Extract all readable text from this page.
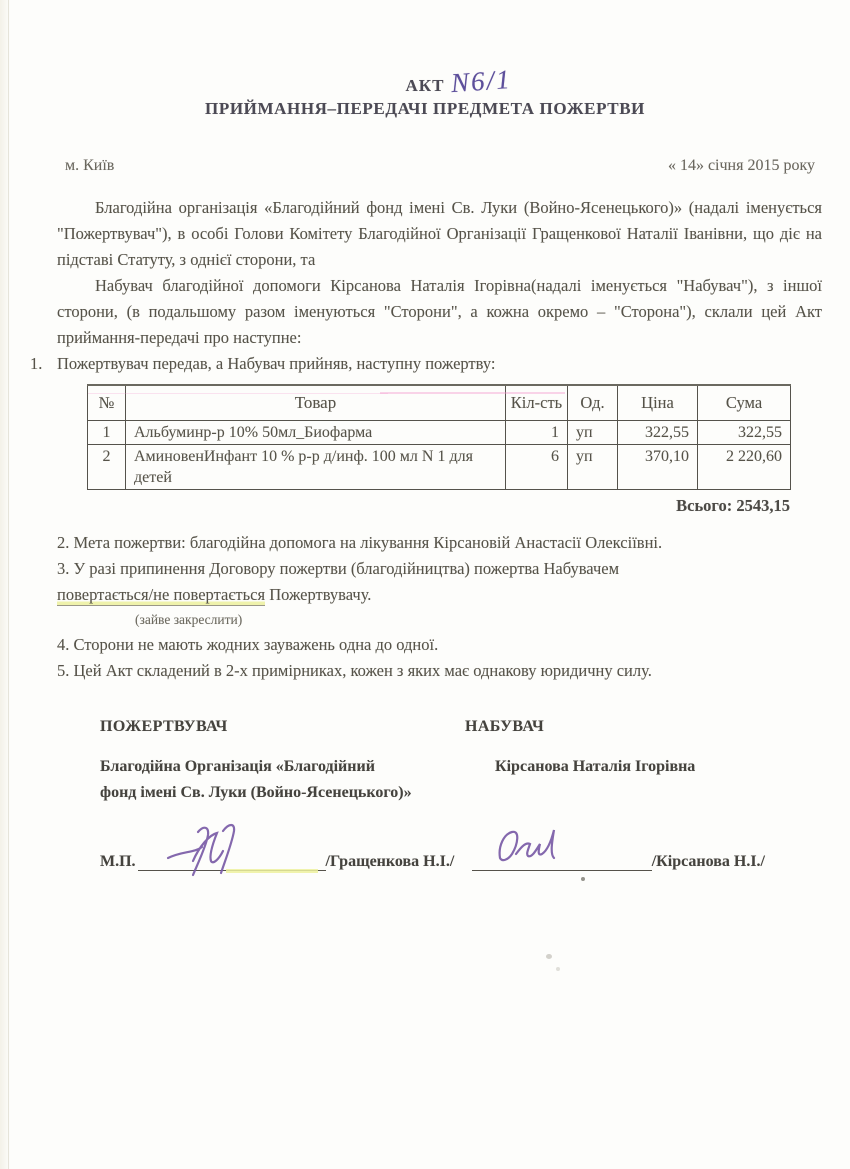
АКТ N6/1
ПРИЙМАННЯ–ПЕРЕДАЧІ ПРЕДМЕТА ПОЖЕРТВИ
м. Київ	« 14» січня 2015 року

Благодійна організація «Благодійний фонд імені Св. Луки (Войно-Ясенецького)» (надалі іменується "Пожертвувач"), в особі Голови Комітету Благодійної Організації Гращенкової Наталії Іванівни, що діє на підставі Статуту, з однієї сторони, та

Набувач благодійної допомоги Кірсанова Наталія Ігорівна(надалі іменується "Набувач"), з іншої сторони, (в подальшому разом іменуються "Сторони", а кожна окремо – "Сторона"), склали цей Акт приймання-передачі про наступне:

1. Пожертвувач передав, а Набувач прийняв, наступну пожертву:
№	Товар	Кіл-сть	Од.	Ціна	Сума
1	Альбуминр-р 10% 50мл_Биофарма	1	уп	322,55	322,55
2	АминовенИнфант 10 % р-р д/инф. 100 мл N 1 для детей	6	уп	370,10	2 220,60
Всього: 2543,15

2. Мета пожертви: благодійна допомога на лікування Кірсановій Анастасії Олексіївні.

3. У разі припинення Договору пожертви (благодійництва) пожертва Набувачем

повертається/не повертається Пожертвувачу.

(зайве закреслити)

4. Сторони не мають жодних зауважень одна до одної.

5. Цей Акт складений в 2-х примірниках, кожен з яких має однакову юридичну силу.

ПОЖЕРТВУВАЧ	НАБУВАЧ
Благодійна Організація «Благодійний
фонд імені Св. Луки (Войно-Ясенецького)»
Кірсанова Наталія Ігорівна
М.П.	/Гращенкова Н.І./	/Кірсанова Н.І./
